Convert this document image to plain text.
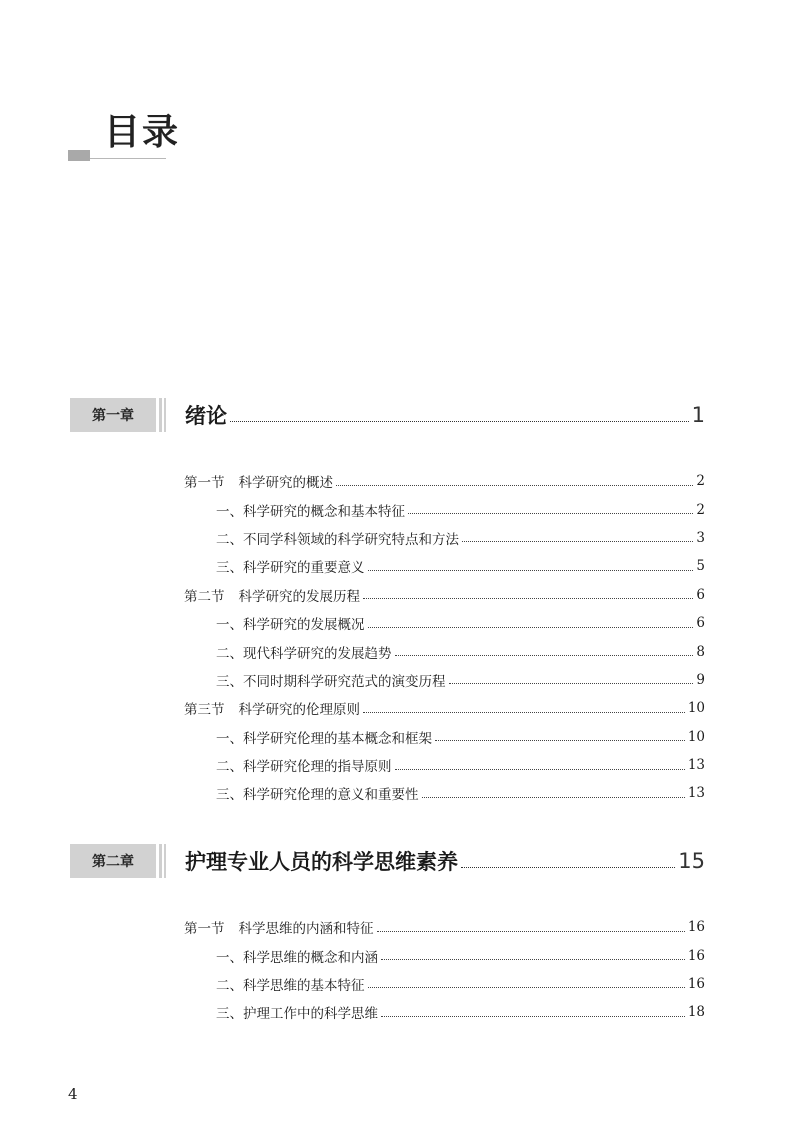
目录
第一章	绪论	1
第一节 科学研究的概述	2
一、科学研究的概念和基本特征	2
二、不同学科领域的科学研究特点和方法	3
三、科学研究的重要意义	5
第二节 科学研究的发展历程	6
一、科学研究的发展概况	6
二、现代科学研究的发展趋势	8
三、不同时期科学研究范式的演变历程	9
第三节 科学研究的伦理原则	10
一、科学研究伦理的基本概念和框架	10
二、科学研究伦理的指导原则	13
三、科学研究伦理的意义和重要性	13
第二章	护理专业人员的科学思维素养	15
第一节 科学思维的内涵和特征	16
一、科学思维的概念和内涵	16
二、科学思维的基本特征	16
三、护理工作中的科学思维	18
4
